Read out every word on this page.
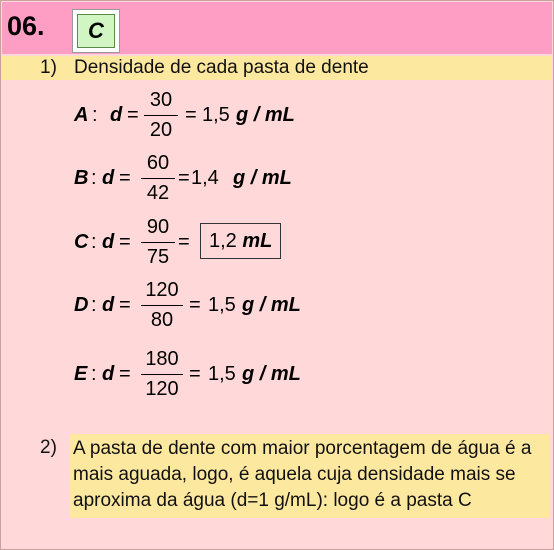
06.	C
1) Densidade de cada pasta de dente
A : d =
30
20
= 1,5 g / mL
B : d =
60
42
= 1,4 g / mL
C : d =
90
75
= 1,2 mL
D : d =
120
80
= 1,5 g / mL
E : d =
180
120
= 1,5 g / mL
2) A pasta de dente com maior porcentagem de água é a mais aguada, logo, é aquela cuja densidade mais se aproxima da água (d=1 g/mL): logo é a pasta C
